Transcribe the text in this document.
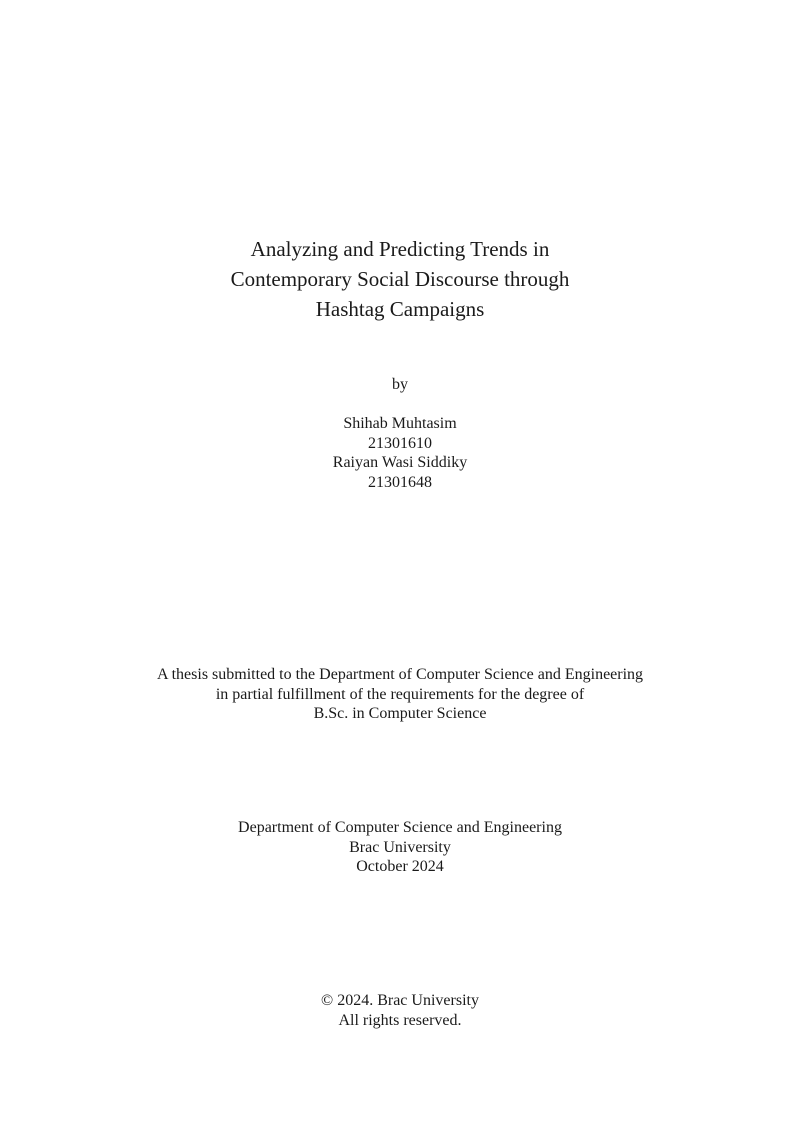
Analyzing and Predicting Trends in
Contemporary Social Discourse through
Hashtag Campaigns
by
Shihab Muhtasim
21301610
Raiyan Wasi Siddiky
21301648
A thesis submitted to the Department of Computer Science and Engineering
in partial fulfillment of the requirements for the degree of
B.Sc. in Computer Science
Department of Computer Science and Engineering
Brac University
October 2024
© 2024. Brac University
All rights reserved.
